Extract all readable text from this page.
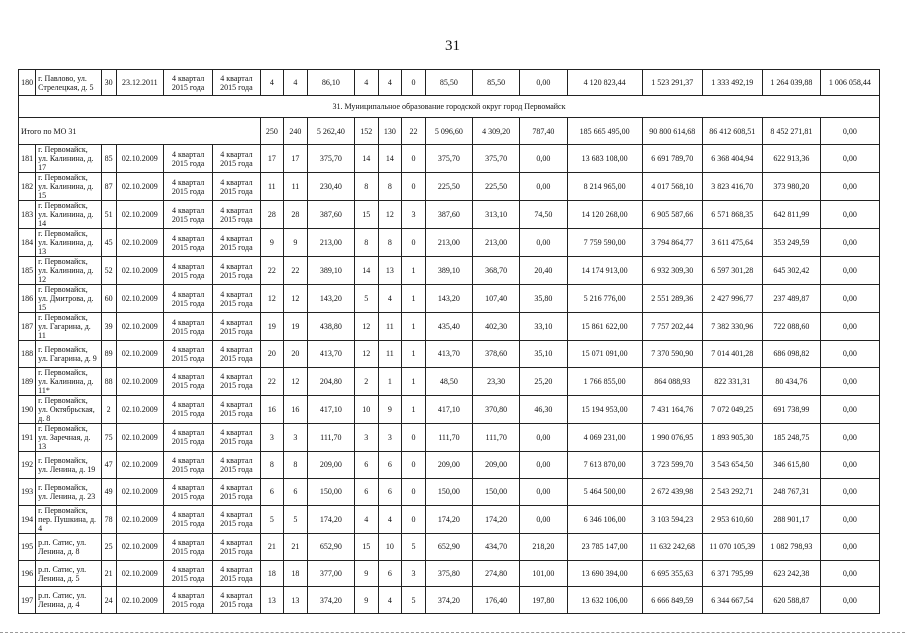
31
180	г. Павлово, ул. Стрелецкая, д. 5	30	23.12.2011	4 квартал 2015 года	4 квартал 2015 года	4	4	86,10	4	4	0	85,50	85,50	0,00	4 120 823,44	1 523 291,37	1 333 492,19	1 264 039,88	1 006 058,44
31. Муниципальное образование городской округ город Первомайск																			
Итого по МО 31						250	240	5 262,40	152	130	22	5 096,60	4 309,20	787,40	185 665 495,00	90 800 614,68	86 412 608,51	8 452 271,81	0,00
181	г. Первомайск, ул. Калинина, д. 17	85	02.10.2009	4 квартал 2015 года	4 квартал 2015 года	17	17	375,70	14	14	0	375,70	375,70	0,00	13 683 108,00	6 691 789,70	6 368 404,94	622 913,36	0,00
182	г. Первомайск, ул. Калинина, д. 15	87	02.10.2009	4 квартал 2015 года	4 квартал 2015 года	11	11	230,40	8	8	0	225,50	225,50	0,00	8 214 965,00	4 017 568,10	3 823 416,70	373 980,20	0,00
183	г. Первомайск, ул. Калинина, д. 14	51	02.10.2009	4 квартал 2015 года	4 квартал 2015 года	28	28	387,60	15	12	3	387,60	313,10	74,50	14 120 268,00	6 905 587,66	6 571 868,35	642 811,99	0,00
184	г. Первомайск, ул. Калинина, д. 13	45	02.10.2009	4 квартал 2015 года	4 квартал 2015 года	9	9	213,00	8	8	0	213,00	213,00	0,00	7 759 590,00	3 794 864,77	3 611 475,64	353 249,59	0,00
185	г. Первомайск, ул. Калинина, д. 12	52	02.10.2009	4 квартал 2015 года	4 квартал 2015 года	22	22	389,10	14	13	1	389,10	368,70	20,40	14 174 913,00	6 932 309,30	6 597 301,28	645 302,42	0,00
186	г. Первомайск, ул. Дмитрова, д. 15	60	02.10.2009	4 квартал 2015 года	4 квартал 2015 года	12	12	143,20	5	4	1	143,20	107,40	35,80	5 216 776,00	2 551 289,36	2 427 996,77	237 489,87	0,00
187	г. Первомайск, ул. Гагарина, д. 11	39	02.10.2009	4 квартал 2015 года	4 квартал 2015 года	19	19	438,80	12	11	1	435,40	402,30	33,10	15 861 622,00	7 757 202,44	7 382 330,96	722 088,60	0,00
188	г. Первомайск, ул. Гагарина, д. 9	89	02.10.2009	4 квартал 2015 года	4 квартал 2015 года	20	20	413,70	12	11	1	413,70	378,60	35,10	15 071 091,00	7 370 590,90	7 014 401,28	686 098,82	0,00
189	г. Первомайск, ул. Калинина, д. 11*	88	02.10.2009	4 квартал 2015 года	4 квартал 2015 года	22	12	204,80	2	1	1	48,50	23,30	25,20	1 766 855,00	864 088,93	822 331,31	80 434,76	0,00
190	г. Первомайск, ул. Октябрьская, д. 8	2	02.10.2009	4 квартал 2015 года	4 квартал 2015 года	16	16	417,10	10	9	1	417,10	370,80	46,30	15 194 953,00	7 431 164,76	7 072 049,25	691 738,99	0,00
191	г. Первомайск, ул. Заречная, д. 13	75	02.10.2009	4 квартал 2015 года	4 квартал 2015 года	3	3	111,70	3	3	0	111,70	111,70	0,00	4 069 231,00	1 990 076,95	1 893 905,30	185 248,75	0,00
192	г. Первомайск, ул. Ленина, д. 19	47	02.10.2009	4 квартал 2015 года	4 квартал 2015 года	8	8	209,00	6	6	0	209,00	209,00	0,00	7 613 870,00	3 723 599,70	3 543 654,50	346 615,80	0,00
193	г. Первомайск, ул. Ленина, д. 23	49	02.10.2009	4 квартал 2015 года	4 квартал 2015 года	6	6	150,00	6	6	0	150,00	150,00	0,00	5 464 500,00	2 672 439,98	2 543 292,71	248 767,31	0,00
194	г. Первомайск, пер. Пушкина, д. 4	78	02.10.2009	4 квартал 2015 года	4 квартал 2015 года	5	5	174,20	4	4	0	174,20	174,20	0,00	6 346 106,00	3 103 594,23	2 953 610,60	288 901,17	0,00
195	р.п. Сатис, ул. Ленина, д. 8	25	02.10.2009	4 квартал 2015 года	4 квартал 2015 года	21	21	652,90	15	10	5	652,90	434,70	218,20	23 785 147,00	11 632 242,68	11 070 105,39	1 082 798,93	0,00
196	р.п. Сатис, ул. Ленина, д. 5	21	02.10.2009	4 квартал 2015 года	4 квартал 2015 года	18	18	377,00	9	6	3	375,80	274,80	101,00	13 690 394,00	6 695 355,63	6 371 795,99	623 242,38	0,00
197	р.п. Сатис, ул. Ленина, д. 4	24	02.10.2009	4 квартал 2015 года	4 квартал 2015 года	13	13	374,20	9	4	5	374,20	176,40	197,80	13 632 106,00	6 666 849,59	6 344 667,54	620 588,87	0,00
